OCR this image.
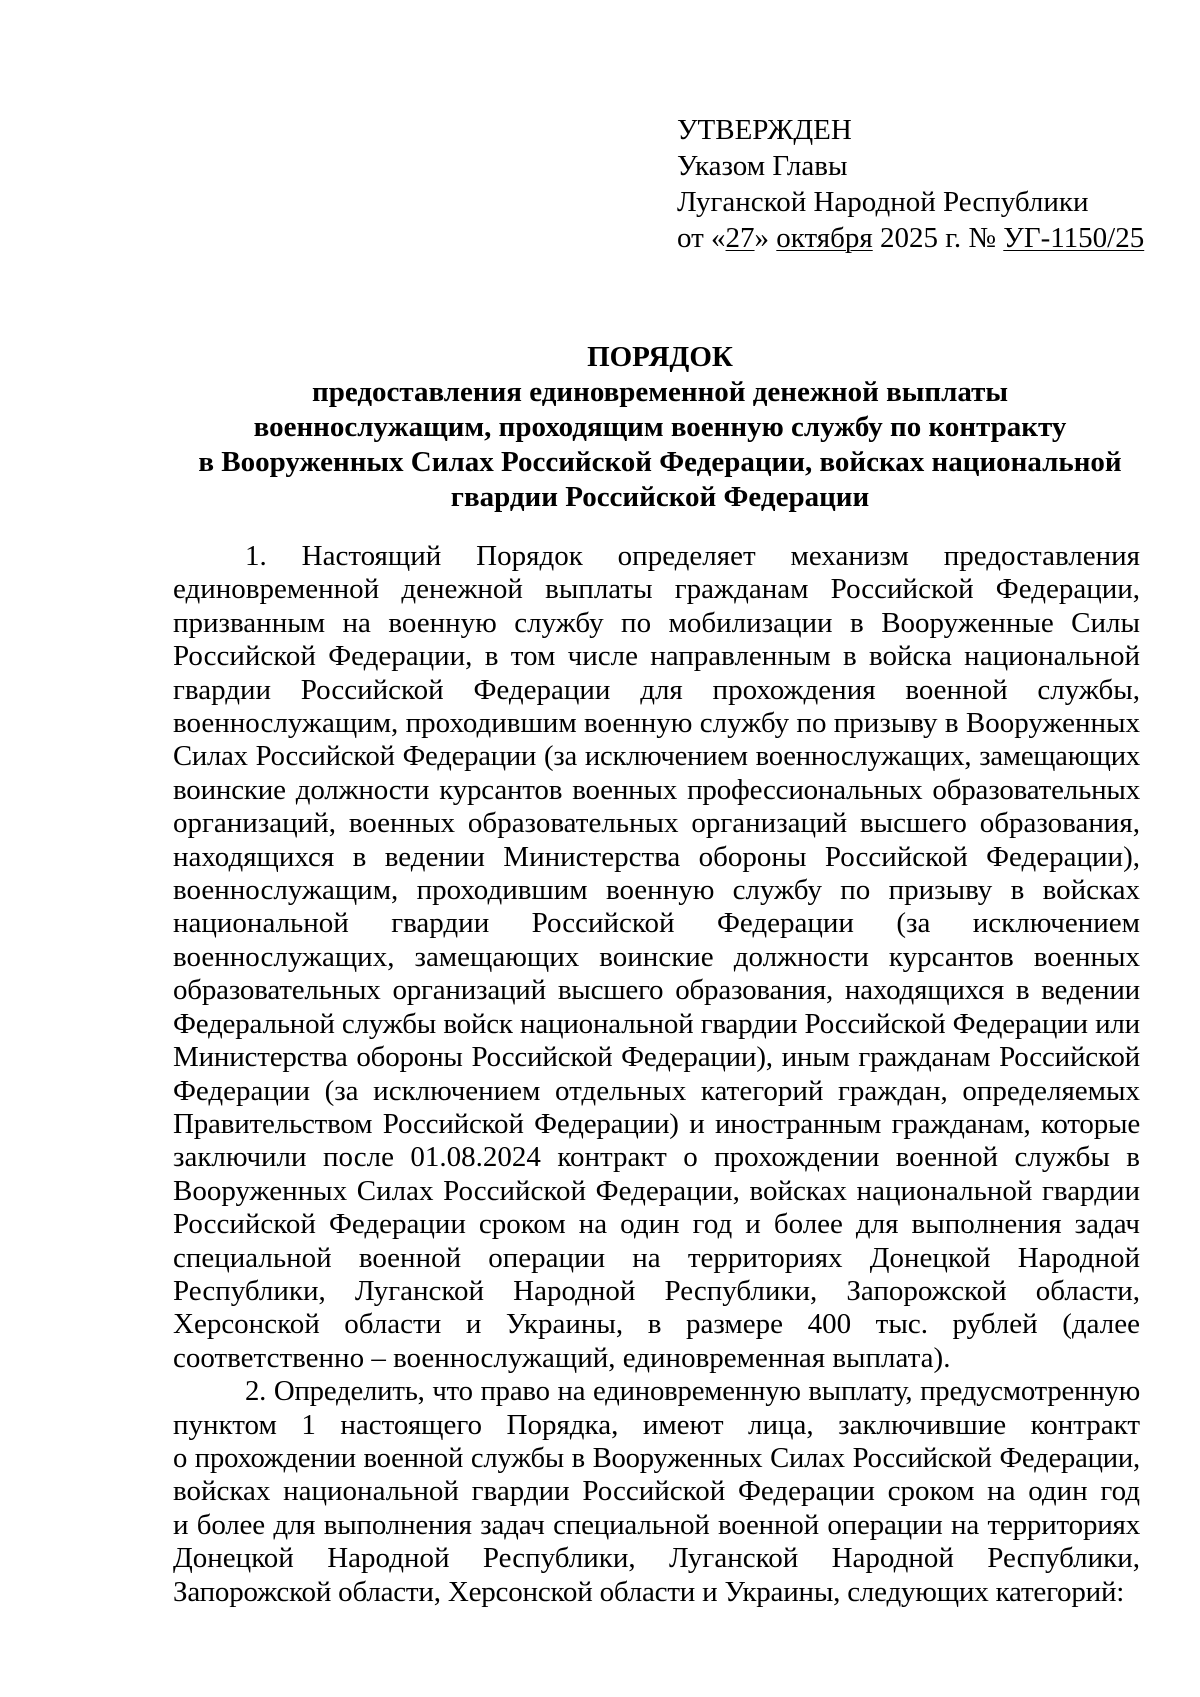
УТВЕРЖДЕН
Указом Главы
Луганской Народной Республики
от «27» октября 2025 г. № УГ-1150/25
ПОРЯДОК
предоставления единовременной денежной выплаты
военнослужащим, проходящим военную службу по контракту
в Вооруженных Силах Российской Федерации, войсках национальной
гвардии Российской Федерации
1. Настоящий Порядок определяет механизм предоставления
единовременной денежной выплаты гражданам Российской Федерации,
призванным на военную службу по мобилизации в Вооруженные Силы
Российской Федерации, в том числе направленным в войска национальной
гвардии Российской Федерации для прохождения военной службы,
военнослужащим, проходившим военную службу по призыву в Вооруженных
Силах Российской Федерации (за исключением военнослужащих, замещающих
воинские должности курсантов военных профессиональных образовательных
организаций, военных образовательных организаций высшего образования,
находящихся в ведении Министерства обороны Российской Федерации),
военнослужащим, проходившим военную службу по призыву в войсках
национальной гвардии Российской Федерации (за исключением
военнослужащих, замещающих воинские должности курсантов военных
образовательных организаций высшего образования, находящихся в ведении
Федеральной службы войск национальной гвардии Российской Федерации или
Министерства обороны Российской Федерации), иным гражданам Российской
Федерации (за исключением отдельных категорий граждан, определяемых
Правительством Российской Федерации) и иностранным гражданам, которые
заключили после 01.08.2024 контракт о прохождении военной службы в
Вооруженных Силах Российской Федерации, войсках национальной гвардии
Российской Федерации сроком на один год и более для выполнения задач
специальной военной операции на территориях Донецкой Народной
Республики, Луганской Народной Республики, Запорожской области,
Херсонской области и Украины, в размере 400 тыс. рублей (далее
соответственно – военнослужащий, единовременная выплата).
2. Определить, что право на единовременную выплату, предусмотренную
пунктом 1 настоящего Порядка, имеют лица, заключившие контракт
о прохождении военной службы в Вооруженных Силах Российской Федерации,
войсках национальной гвардии Российской Федерации сроком на один год
и более для выполнения задач специальной военной операции на территориях
Донецкой Народной Республики, Луганской Народной Республики,
Запорожской области, Херсонской области и Украины, следующих категорий:
